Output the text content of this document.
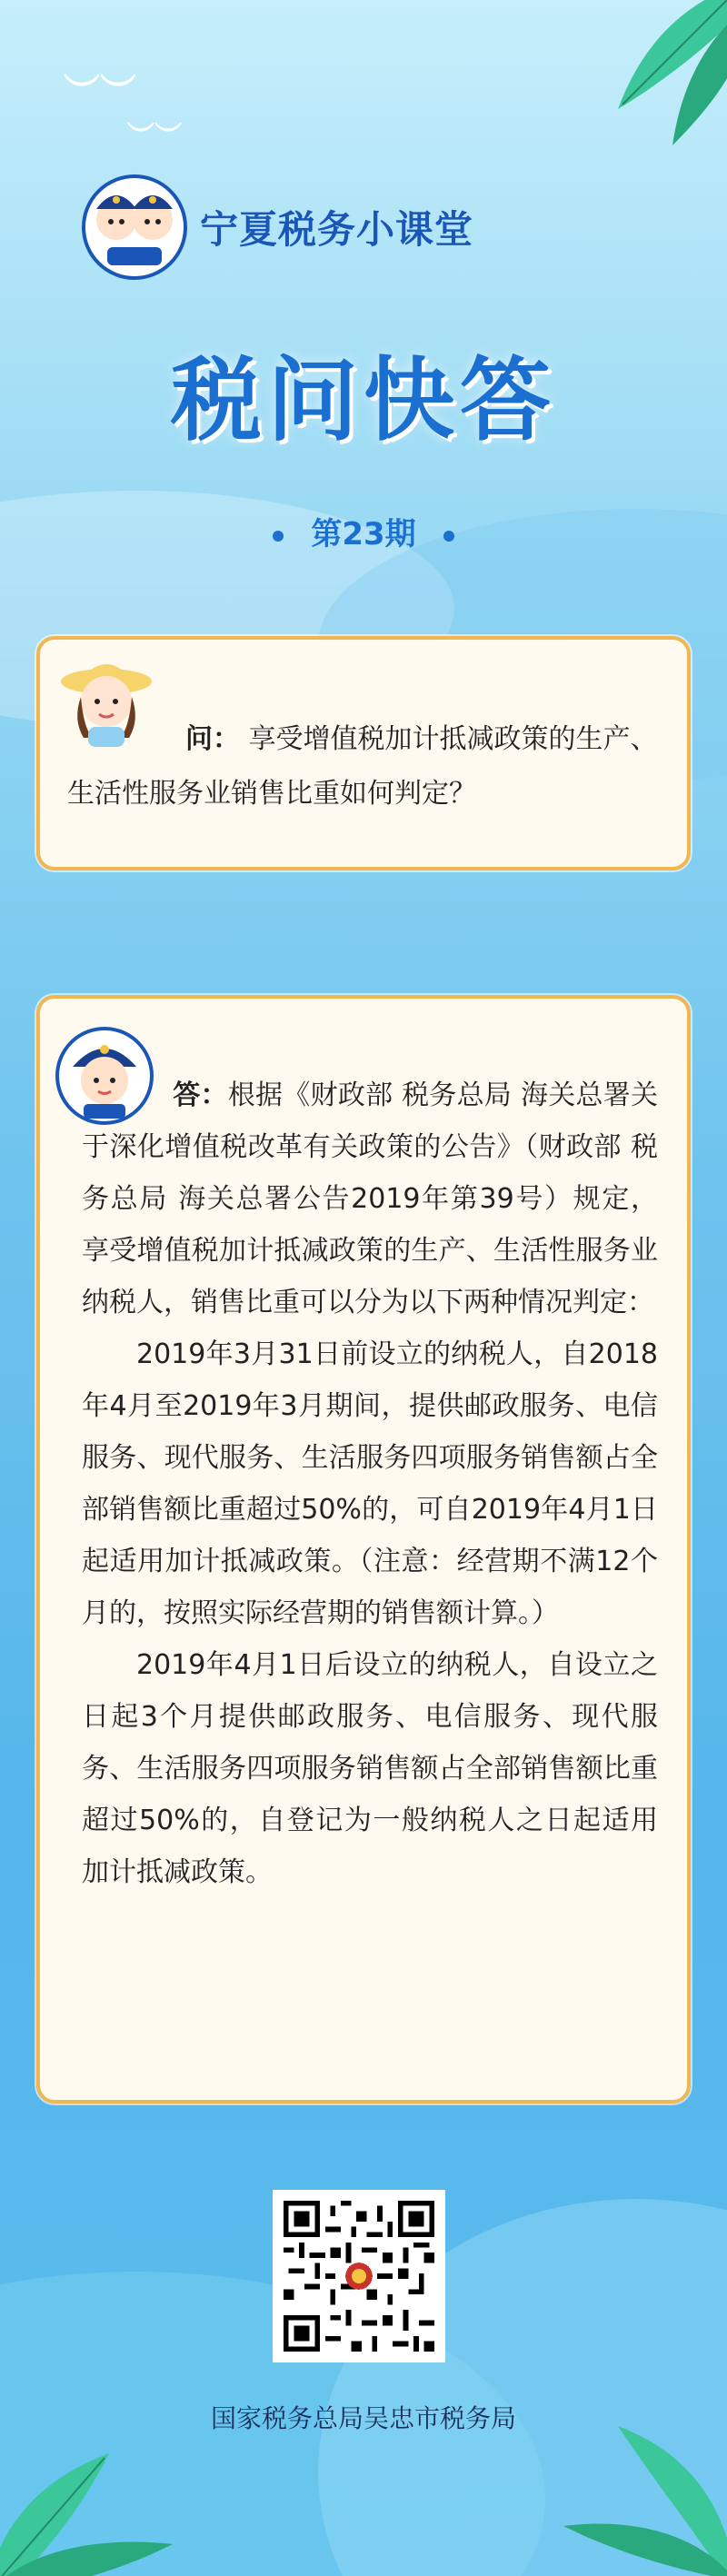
︶︶
︶︶
宁夏税务小课堂
税问快答
第23期
问： 享受增值税加计抵减政策的生产、生活性服务业销售比重如何判定？

答：根据《财政部 税务总局 海关总署关于深化增值税改革有关政策的公告》（财政部 税务总局 海关总署公告2019年第39号）规定，享受增值税加计抵减政策的生产、生活性服务业纳税人，销售比重可以分为以下两种情况判定：

2019年3月31日前设立的纳税人，自2018年4月至2019年3月期间，提供邮政服务、电信服务、现代服务、生活服务四项服务销售额占全部销售额比重超过50%的，可自2019年4月1日起适用加计抵减政策。（注意：经营期不满12个月的，按照实际经营期的销售额计算。）

2019年4月1日后设立的纳税人，自设立之日起3个月提供邮政服务、电信服务、现代服务、生活服务四项服务销售额占全部销售额比重超过50%的，自登记为一般纳税人之日起适用加计抵减政策。

国家税务总局吴忠市税务局
